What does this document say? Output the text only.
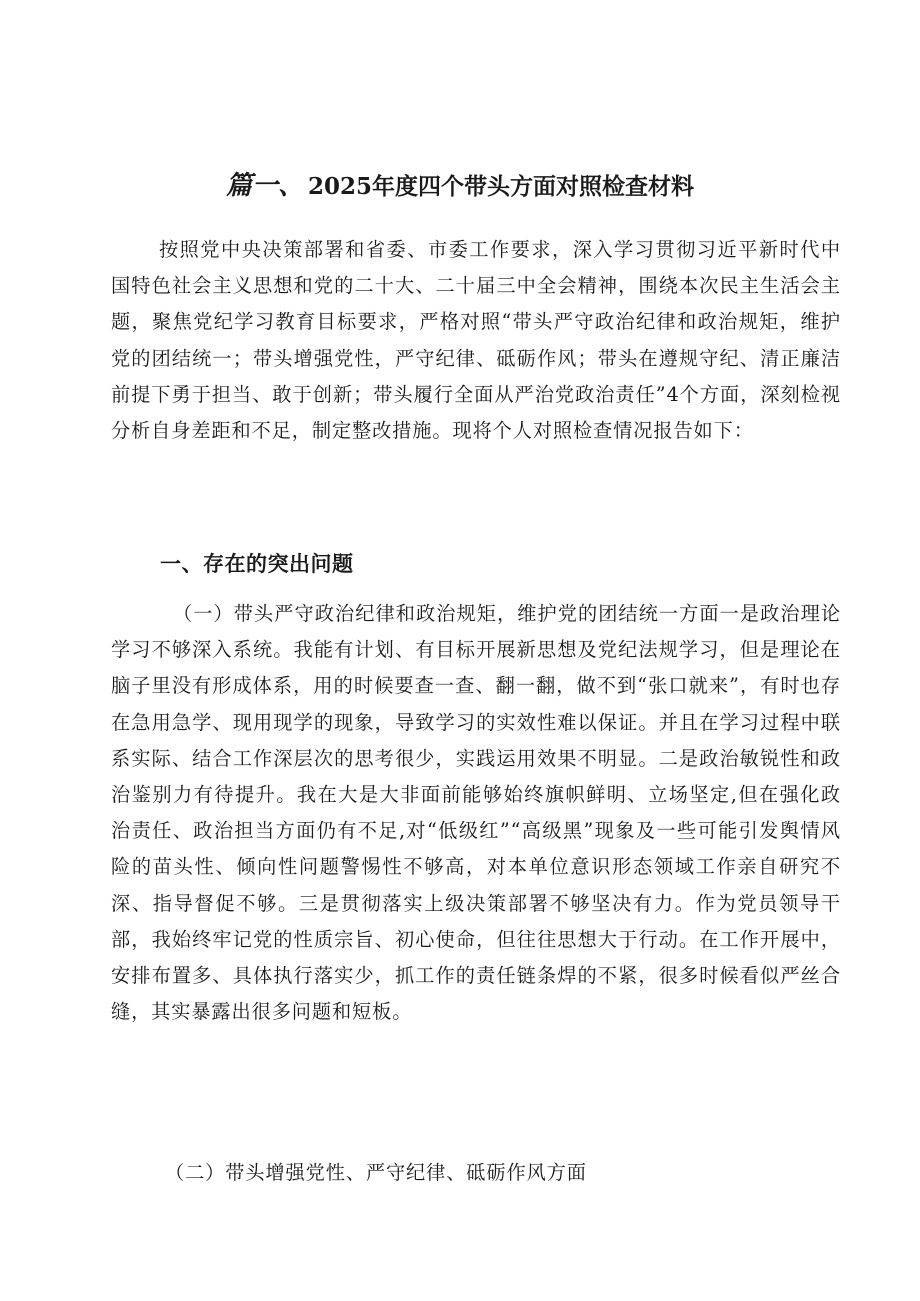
篇一、 2025年度四个带头方面对照检查材料

按照党中央决策部署和省委、市委工作要求，深入学习贯彻习近平新时代中国特色社会主义思想和党的二十大、二十届三中全会精神，围绕本次民主生活会主题，聚焦党纪学习教育目标要求，严格对照“带头严守政治纪律和政治规矩，维护党的团结统一；带头增强党性，严守纪律、砥砺作风；带头在遵规守纪、清正廉洁前提下勇于担当、敢于创新；带头履行全面从严治党政治责任”4个方面，深刻检视分析自身差距和不足，制定整改措施。现将个人对照检查情况报告如下：

一、存在的突出问题

（一）带头严守政治纪律和政治规矩，维护党的团结统一方面一是政治理论学习不够深入系统。我能有计划、有目标开展新思想及党纪法规学习，但是理论在脑子里没有形成体系，用的时候要查一查、翻一翻，做不到“张口就来”，有时也存在急用急学、现用现学的现象，导致学习的实效性难以保证。并且在学习过程中联系实际、结合工作深层次的思考很少，实践运用效果不明显。二是政治敏锐性和政治鉴别力有待提升。我在大是大非面前能够始终旗帜鲜明、立场坚定,但在强化政治责任、政治担当方面仍有不足,对“低级红”“高级黑”现象及一些可能引发舆情风险的苗头性、倾向性问题警惕性不够高，对本单位意识形态领域工作亲自研究不深、指导督促不够。三是贯彻落实上级决策部署不够坚决有力。作为党员领导干部，我始终牢记党的性质宗旨、初心使命，但往往思想大于行动。在工作开展中，安排布置多、具体执行落实少，抓工作的责任链条焊的不紧，很多时候看似严丝合缝，其实暴露出很多问题和短板。

（二）带头增强党性、严守纪律、砥砺作风方面
